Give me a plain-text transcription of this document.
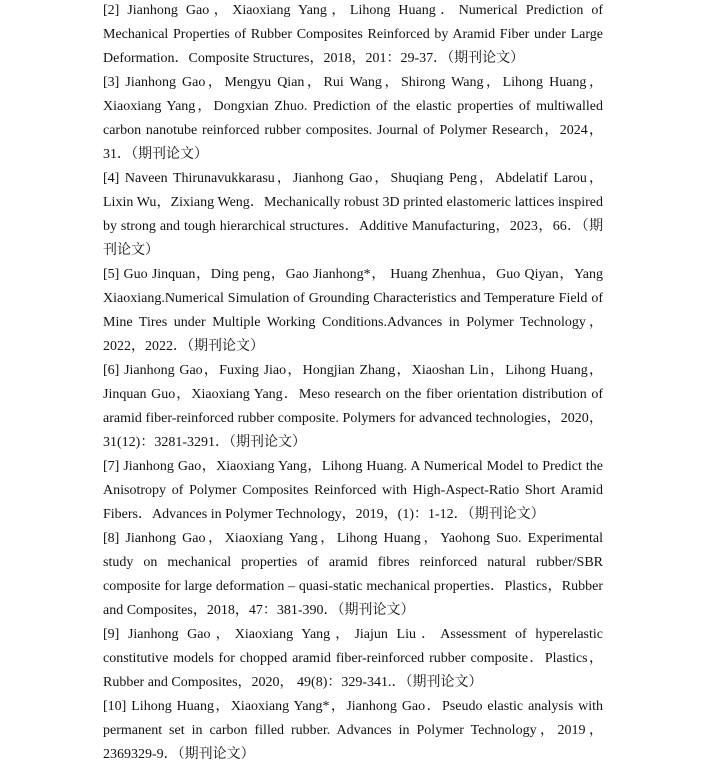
[2] Jianhong Gao，Xiaoxiang Yang，Lihong Huang．Numerical Prediction of Mechanical Properties of Rubber Composites Reinforced by Aramid Fiber under Large Deformation．Composite Structures，2018，201：29-37．（期刊论文）

[3] Jianhong Gao，Mengyu Qian，Rui Wang，Shirong Wang，Lihong Huang，Xiaoxiang Yang，Dongxian Zhuo. Prediction of the elastic properties of multiwalled carbon nanotube reinforced rubber composites. Journal of Polymer Research，2024，31．（期刊论文）

[4] Naveen Thirunavukkarasu，Jianhong Gao，Shuqiang Peng，Abdelatif Larou，Lixin Wu，Zixiang Weng．Mechanically robust 3D printed elastomeric lattices inspired by strong and tough hierarchical structures．Additive Manufacturing，2023，66．（期刊论文）

[5] Guo Jinquan，Ding peng，Gao Jianhong*， Huang Zhenhua，Guo Qiyan，Yang Xiaoxiang.Numerical Simulation of Grounding Characteristics and Temperature Field of Mine Tires under Multiple Working Conditions.Advances in Polymer Technology，2022，2022．（期刊论文）

[6] Jianhong Gao，Fuxing Jiao，Hongjian Zhang，Xiaoshan Lin，Lihong Huang，Jinquan Guo，Xiaoxiang Yang．Meso research on the fiber orientation distribution of aramid fiber-reinforced rubber composite. Polymers for advanced technologies，2020，31(12)：3281-3291．（期刊论文）

[7] Jianhong Gao，Xiaoxiang Yang，Lihong Huang. A Numerical Model to Predict the Anisotropy of Polymer Composites Reinforced with High-Aspect-Ratio Short Aramid Fibers．Advances in Polymer Technology，2019，(1)：1-12．（期刊论文）

[8] Jianhong Gao，Xiaoxiang Yang，Lihong Huang，Yaohong Suo. Experimental study on mechanical properties of aramid fibres reinforced natural rubber/SBR composite for large deformation – quasi-static mechanical properties．Plastics，Rubber and Composites，2018，47：381-390．（期刊论文）

[9] Jianhong Gao，Xiaoxiang Yang，Jiajun Liu．Assessment of hyperelastic constitutive models for chopped aramid fiber-reinforced rubber composite．Plastics，Rubber and Composites，2020， 49(8)：329-341.．（期刊论文）

[10] Lihong Huang，Xiaoxiang Yang*，Jianhong Gao．Pseudo elastic analysis with permanent set in carbon filled rubber. Advances in Polymer Technology，2019，2369329-9．（期刊论文）
